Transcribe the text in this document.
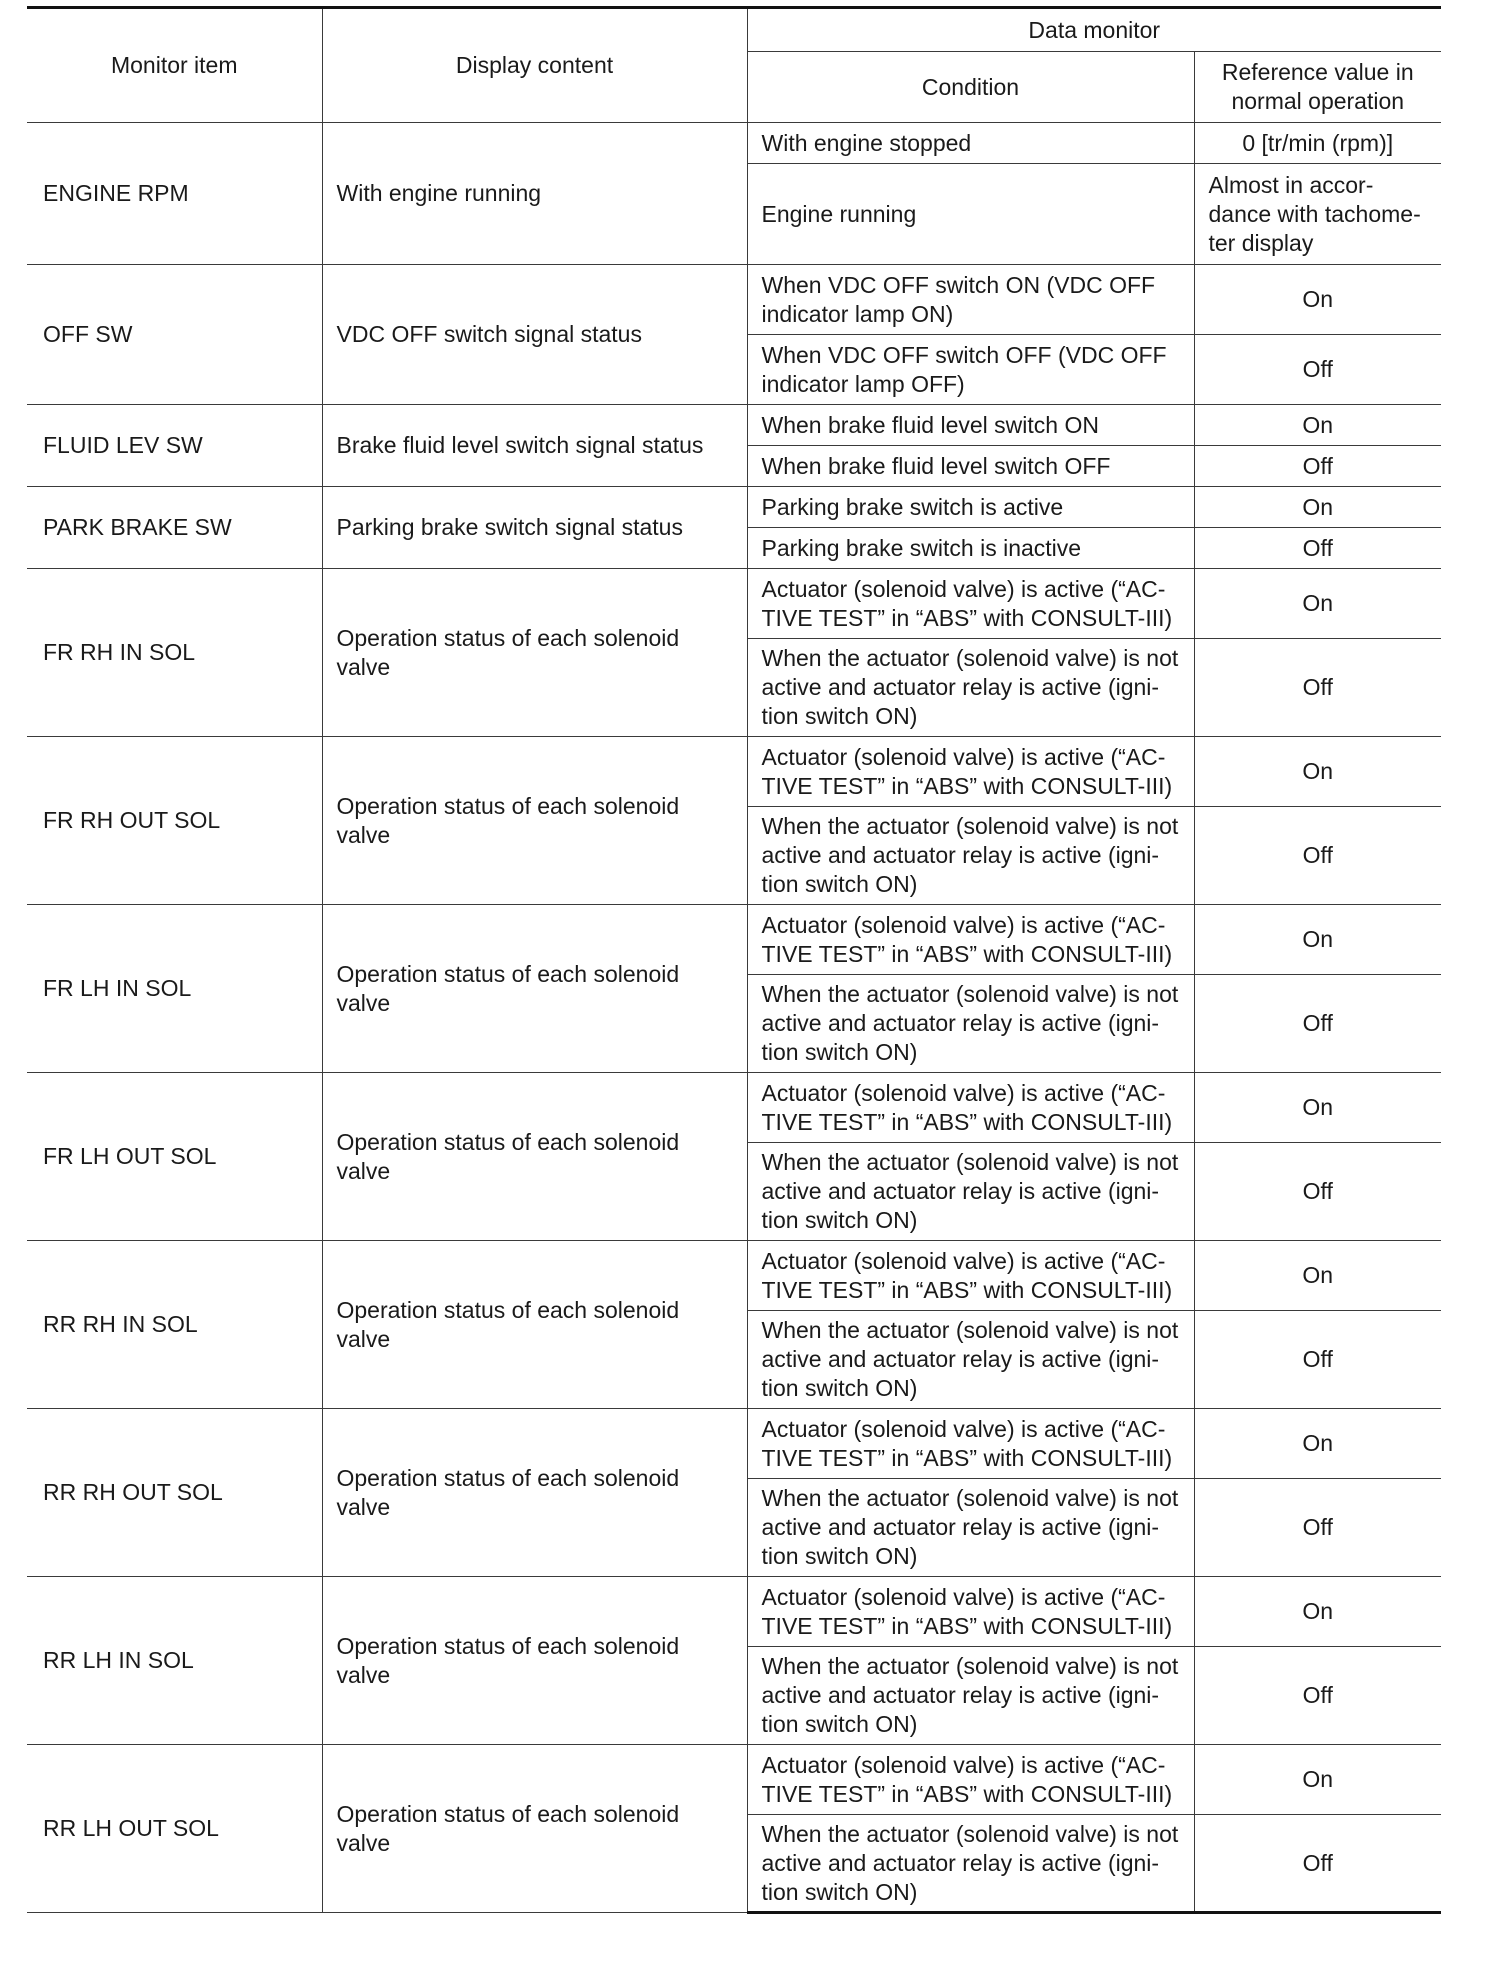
Monitor item	Display content	Data monitor	
		Condition	Reference value in normal operation
ENGINE RPM	With engine running	With engine stopped	0 [tr/min (rpm)]
		Engine running	Almost in accor- dance with tachome- ter display
OFF SW	VDC OFF switch signal status	When VDC OFF switch ON (VDC OFF indicator lamp ON)	On
		When VDC OFF switch OFF (VDC OFF indicator lamp OFF)	Off
FLUID LEV SW	Brake fluid level switch signal status	When brake fluid level switch ON	On
		When brake fluid level switch OFF	Off
PARK BRAKE SW	Parking brake switch signal status	Parking brake switch is active	On
		Parking brake switch is inactive	Off
FR RH IN SOL	Operation status of each solenoid valve	Actuator (solenoid valve) is active (“AC- TIVE TEST” in “ABS” with CONSULT-III)	On
		When the actuator (solenoid valve) is not active and actuator relay is active (igni- tion switch ON)	Off
FR RH OUT SOL	Operation status of each solenoid valve	Actuator (solenoid valve) is active (“AC- TIVE TEST” in “ABS” with CONSULT-III)	On
		When the actuator (solenoid valve) is not active and actuator relay is active (igni- tion switch ON)	Off
FR LH IN SOL	Operation status of each solenoid valve	Actuator (solenoid valve) is active (“AC- TIVE TEST” in “ABS” with CONSULT-III)	On
		When the actuator (solenoid valve) is not active and actuator relay is active (igni- tion switch ON)	Off
FR LH OUT SOL	Operation status of each solenoid valve	Actuator (solenoid valve) is active (“AC- TIVE TEST” in “ABS” with CONSULT-III)	On
		When the actuator (solenoid valve) is not active and actuator relay is active (igni- tion switch ON)	Off
RR RH IN SOL	Operation status of each solenoid valve	Actuator (solenoid valve) is active (“AC- TIVE TEST” in “ABS” with CONSULT-III)	On
		When the actuator (solenoid valve) is not active and actuator relay is active (igni- tion switch ON)	Off
RR RH OUT SOL	Operation status of each solenoid valve	Actuator (solenoid valve) is active (“AC- TIVE TEST” in “ABS” with CONSULT-III)	On
		When the actuator (solenoid valve) is not active and actuator relay is active (igni- tion switch ON)	Off
RR LH IN SOL	Operation status of each solenoid valve	Actuator (solenoid valve) is active (“AC- TIVE TEST” in “ABS” with CONSULT-III)	On
		When the actuator (solenoid valve) is not active and actuator relay is active (igni- tion switch ON)	Off
RR LH OUT SOL	Operation status of each solenoid valve	Actuator (solenoid valve) is active (“AC- TIVE TEST” in “ABS” with CONSULT-III)	On
		When the actuator (solenoid valve) is not active and actuator relay is active (igni- tion switch ON)	Off
